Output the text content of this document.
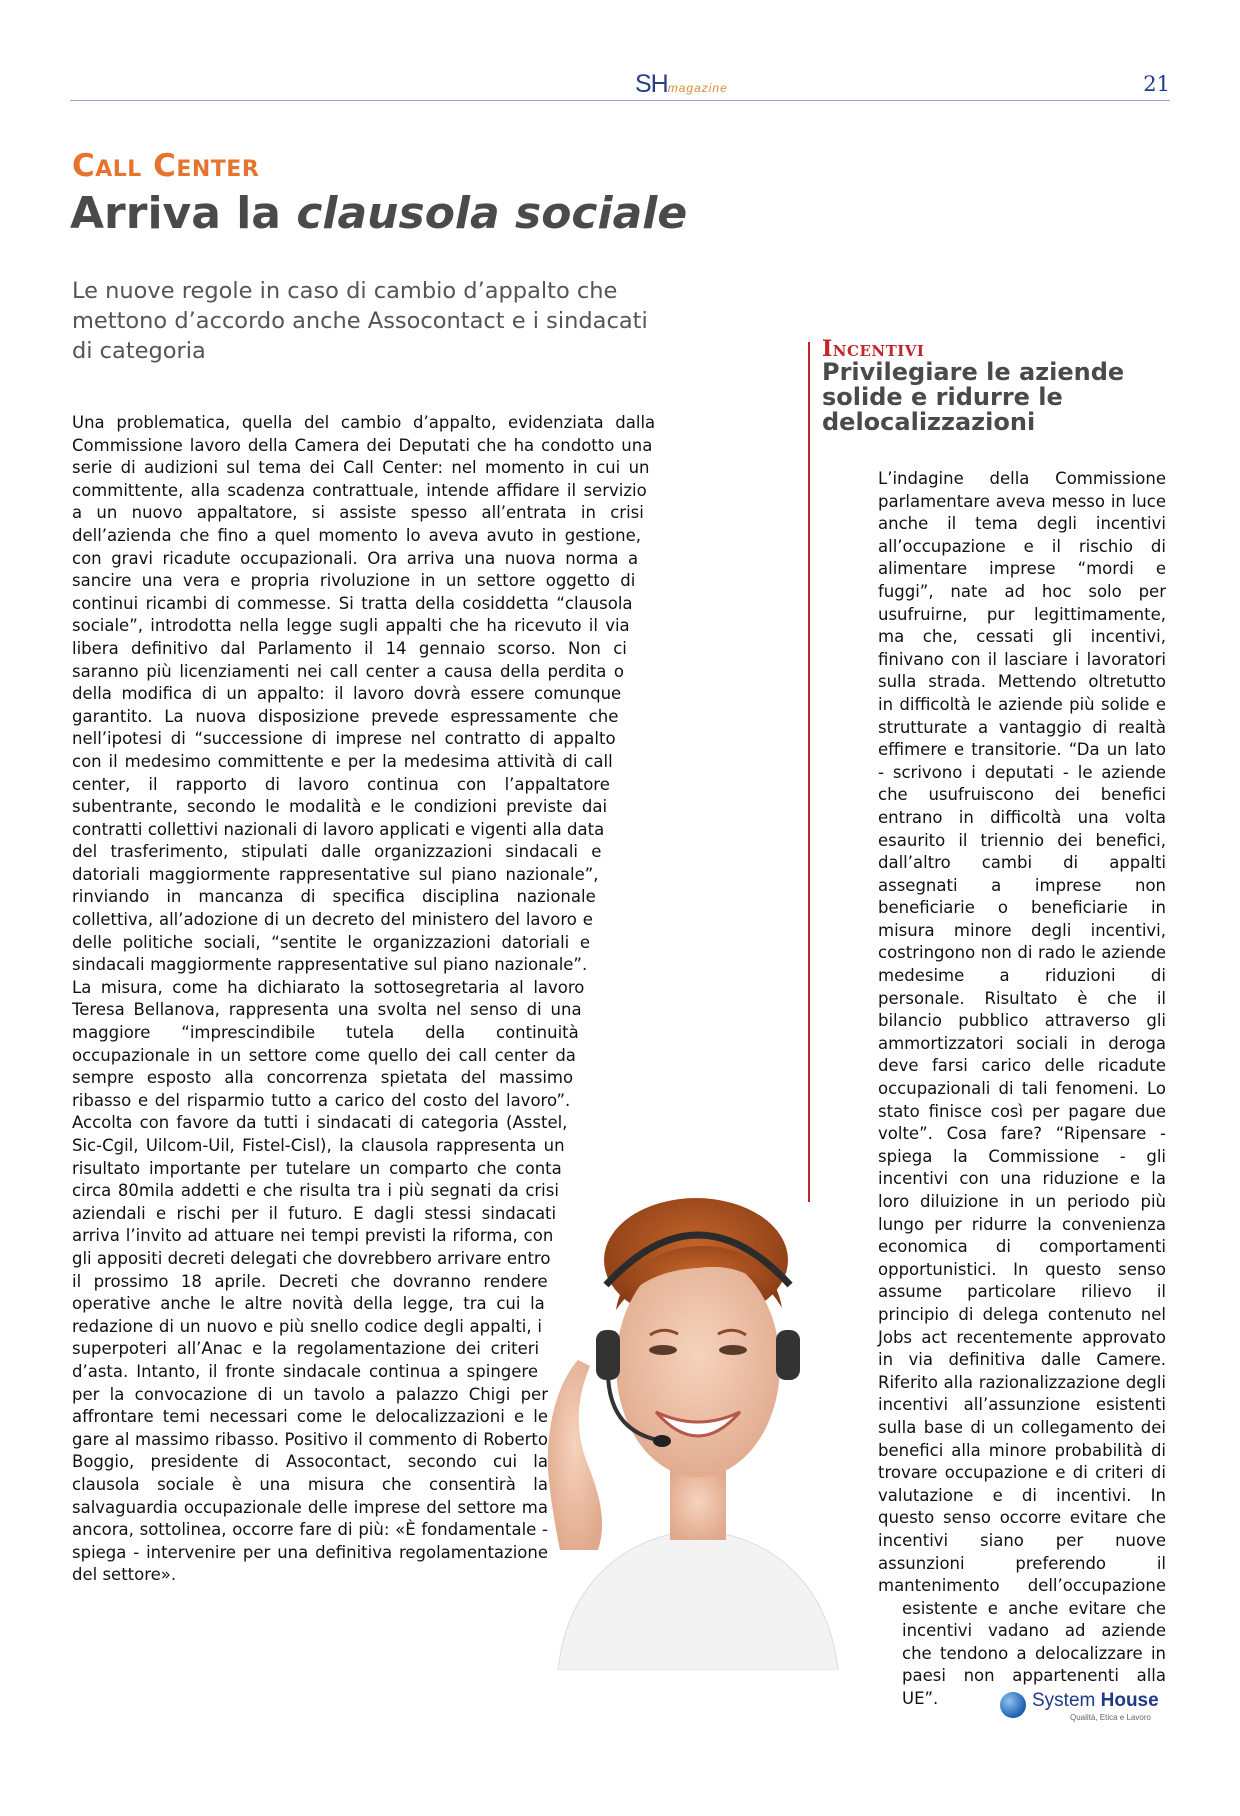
SHmagazine	21
Call Center
Arriva la clausola sociale
Le nuove regole in caso di cambio d’appalto che mettono d’accordo anche Assocontact e i sindacati di categoria
Una problematica, quella del cambio d’appalto, evidenziata dalla Commissione lavoro della Camera dei Deputati che ha condotto una serie di audizioni sul tema dei Call Center: nel momento in cui un committente, alla scadenza contrattuale, intende affidare il servizio a un nuovo appaltatore, si assiste spesso all’entrata in crisi dell’azienda che fino a quel momento lo aveva avuto in gestione, con gravi ricadute occupazionali. Ora arriva una nuova norma a sancire una vera e propria rivoluzione in un settore oggetto di continui ricambi di commesse. Si tratta della cosiddetta “clausola sociale”, introdotta nella legge sugli appalti che ha ricevuto il via libera definitivo dal Parlamento il 14 gennaio scorso. Non ci saranno più licenziamenti nei call center a causa della perdita o della modifica di un appalto: il lavoro dovrà essere comunque garantito. La nuova disposizione prevede espressamente che nell’ipotesi di “successione di imprese nel contratto di appalto con il medesimo committente e per la medesima attività di call center, il rapporto di lavoro continua con l’appaltatore subentrante, secondo le modalità e le condizioni previste dai contratti collettivi nazionali di lavoro applicati e vigenti alla data del trasferimento, stipulati dalle organizzazioni sindacali e datoriali maggiormente rappresentative sul piano nazionale”, rinviando in mancanza di specifica disciplina nazionale collettiva, all’adozione di un decreto del ministero del lavoro e delle politiche sociali, “sentite le organizzazioni datoriali e sindacali maggiormente rappresentative sul piano nazionale”. La misura, come ha dichiarato la sottosegretaria al lavoro Teresa Bellanova, rappresenta una svolta nel senso di una maggiore “imprescindibile tutela della continuità occupazionale in un settore come quello dei call center da sempre esposto alla concorrenza spietata del massimo ribasso e del risparmio tutto a carico del costo del lavoro”. Accolta con favore da tutti i sindacati di categoria (Asstel, Sic-Cgil, Uilcom-Uil, Fistel-Cisl), la clausola rappresenta un risultato importante per tutelare un comparto che conta circa 80mila addetti e che risulta tra i più segnati da crisi aziendali e rischi per il futuro. E dagli stessi sindacati arriva l’invito ad attuare nei tempi previsti la riforma, con gli appositi decreti delegati che dovrebbero arrivare entro il prossimo 18 aprile. Decreti che dovranno rendere operative anche le altre novità della legge, tra cui la redazione di un nuovo e più snello codice degli appalti, i superpoteri all’Anac e la regolamentazione dei criteri d’asta. Intanto, il fronte sindacale continua a spingere per la convocazione di un tavolo a palazzo Chigi per affrontare temi necessari come le delocalizzazioni e le gare al massimo ribasso. Positivo il commento di Roberto Boggio, presidente di Assocontact, secondo cui la clausola sociale è una misura che consentirà la salvaguardia occupazionale delle imprese del settore ma ancora, sottolinea, occorre fare di più: «È fondamentale - spiega - intervenire per una definitiva regolamentazione del settore».
Incentivi
Privilegiare le aziende solide e ridurre le delocalizzazioni
L’indagine della Commissione parlamentare aveva messo in luce anche il tema degli incentivi all’occupazione e il rischio di alimentare imprese “mordi e fuggi”, nate ad hoc solo per usufruirne, pur legittimamente, ma che, cessati gli incentivi, finivano con il lasciare i lavoratori sulla strada. Mettendo oltretutto in difficoltà le aziende più solide e strutturate a vantaggio di realtà effimere e transitorie. “Da un lato - scrivono i deputati - le aziende che usufruiscono dei benefici entrano in difficoltà una volta esaurito il triennio dei benefici, dall’altro cambi di appalti assegnati a imprese non beneficiarie o beneficiarie in misura minore degli incentivi, costringono non di rado le aziende medesime a riduzioni di personale. Risultato è che il bilancio pubblico attraverso gli ammortizzatori sociali in deroga deve farsi carico delle ricadute occupazionali di tali fenomeni. Lo stato finisce così per pagare due volte”. Cosa fare? “Ripensare - spiega la Commissione - gli incentivi con una riduzione e la loro diluizione in un periodo più lungo per ridurre la convenienza economica di comportamenti opportunistici. In questo senso assume particolare rilievo il principio di delega contenuto nel Jobs act recentemente approvato in via definitiva dalle Camere. Riferito alla razionalizzazione degli incentivi all’assunzione esistenti sulla base di un collegamento dei benefici alla minore probabilità di trovare occupazione e di criteri di valutazione e di incentivi. In questo senso occorre evitare che incentivi siano per nuove assunzioni preferendo il mantenimento dell’occupazione esistente e anche evitare che incentivi vadano ad aziende che tendono a delocalizzare in paesi non appartenenti alla UE”.	System House
Qualità, Etica e Lavoro
